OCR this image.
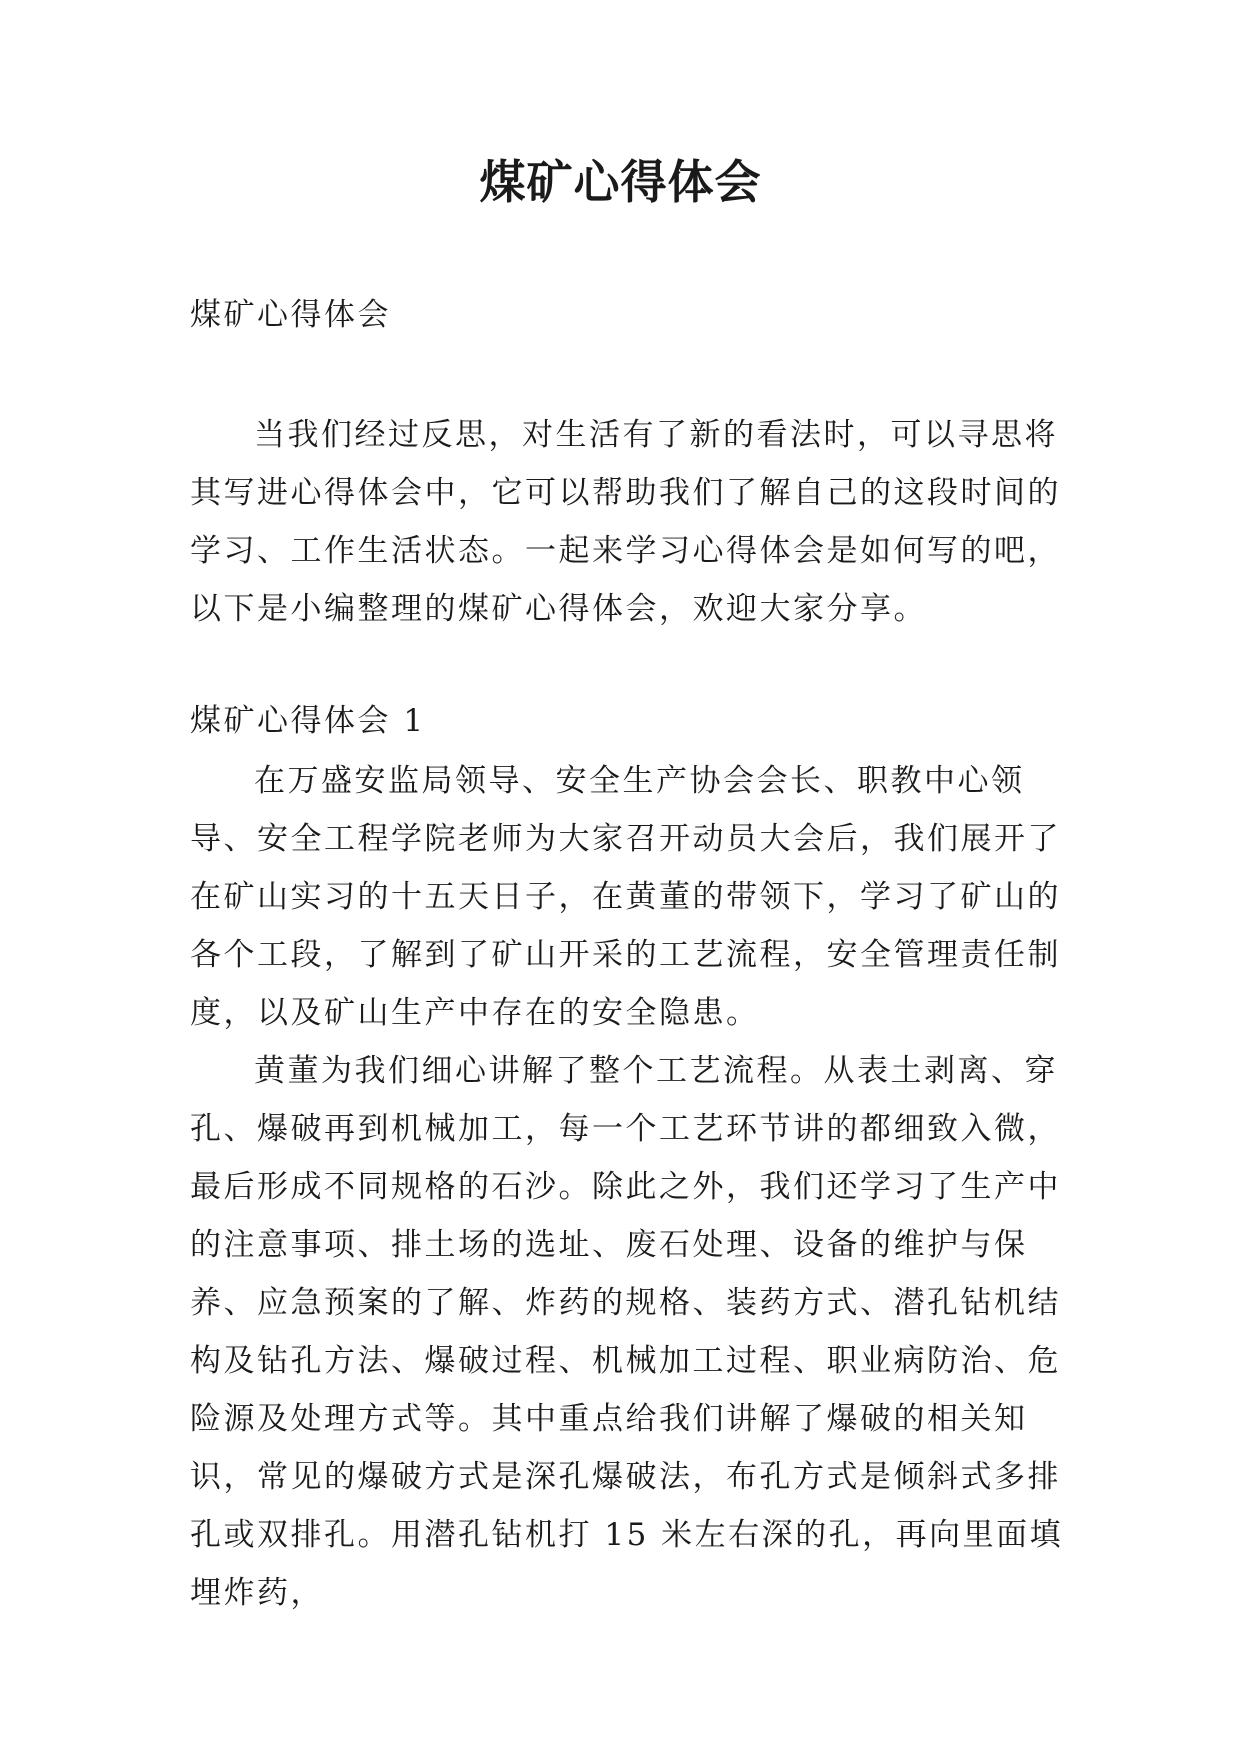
煤矿心得体会
煤矿心得体会

当我们经过反思，对生活有了新的看法时，可以寻思将其写进心得体会中，它可以帮助我们了解自己的这段时间的学习、工作生活状态。一起来学习心得体会是如何写的吧，以下是小编整理的煤矿心得体会，欢迎大家分享。

煤矿心得体会 1

在万盛安监局领导、安全生产协会会长、职教中心领导、安全工程学院老师为大家召开动员大会后，我们展开了在矿山实习的十五天日子，在黄董的带领下，学习了矿山的各个工段，了解到了矿山开采的工艺流程，安全管理责任制度，以及矿山生产中存在的安全隐患。

黄董为我们细心讲解了整个工艺流程。从表土剥离、穿孔、爆破再到机械加工，每一个工艺环节讲的都细致入微，最后形成不同规格的石沙。除此之外，我们还学习了生产中的注意事项、排土场的选址、废石处理、设备的维护与保养、应急预案的了解、炸药的规格、装药方式、潜孔钻机结构及钻孔方法、爆破过程、机械加工过程、职业病防治、危险源及处理方式等。其中重点给我们讲解了爆破的相关知识，常见的爆破方式是深孔爆破法，布孔方式是倾斜式多排孔或双排孔。用潜孔钻机打 15 米左右深的孔，再向里面填埋炸药，
